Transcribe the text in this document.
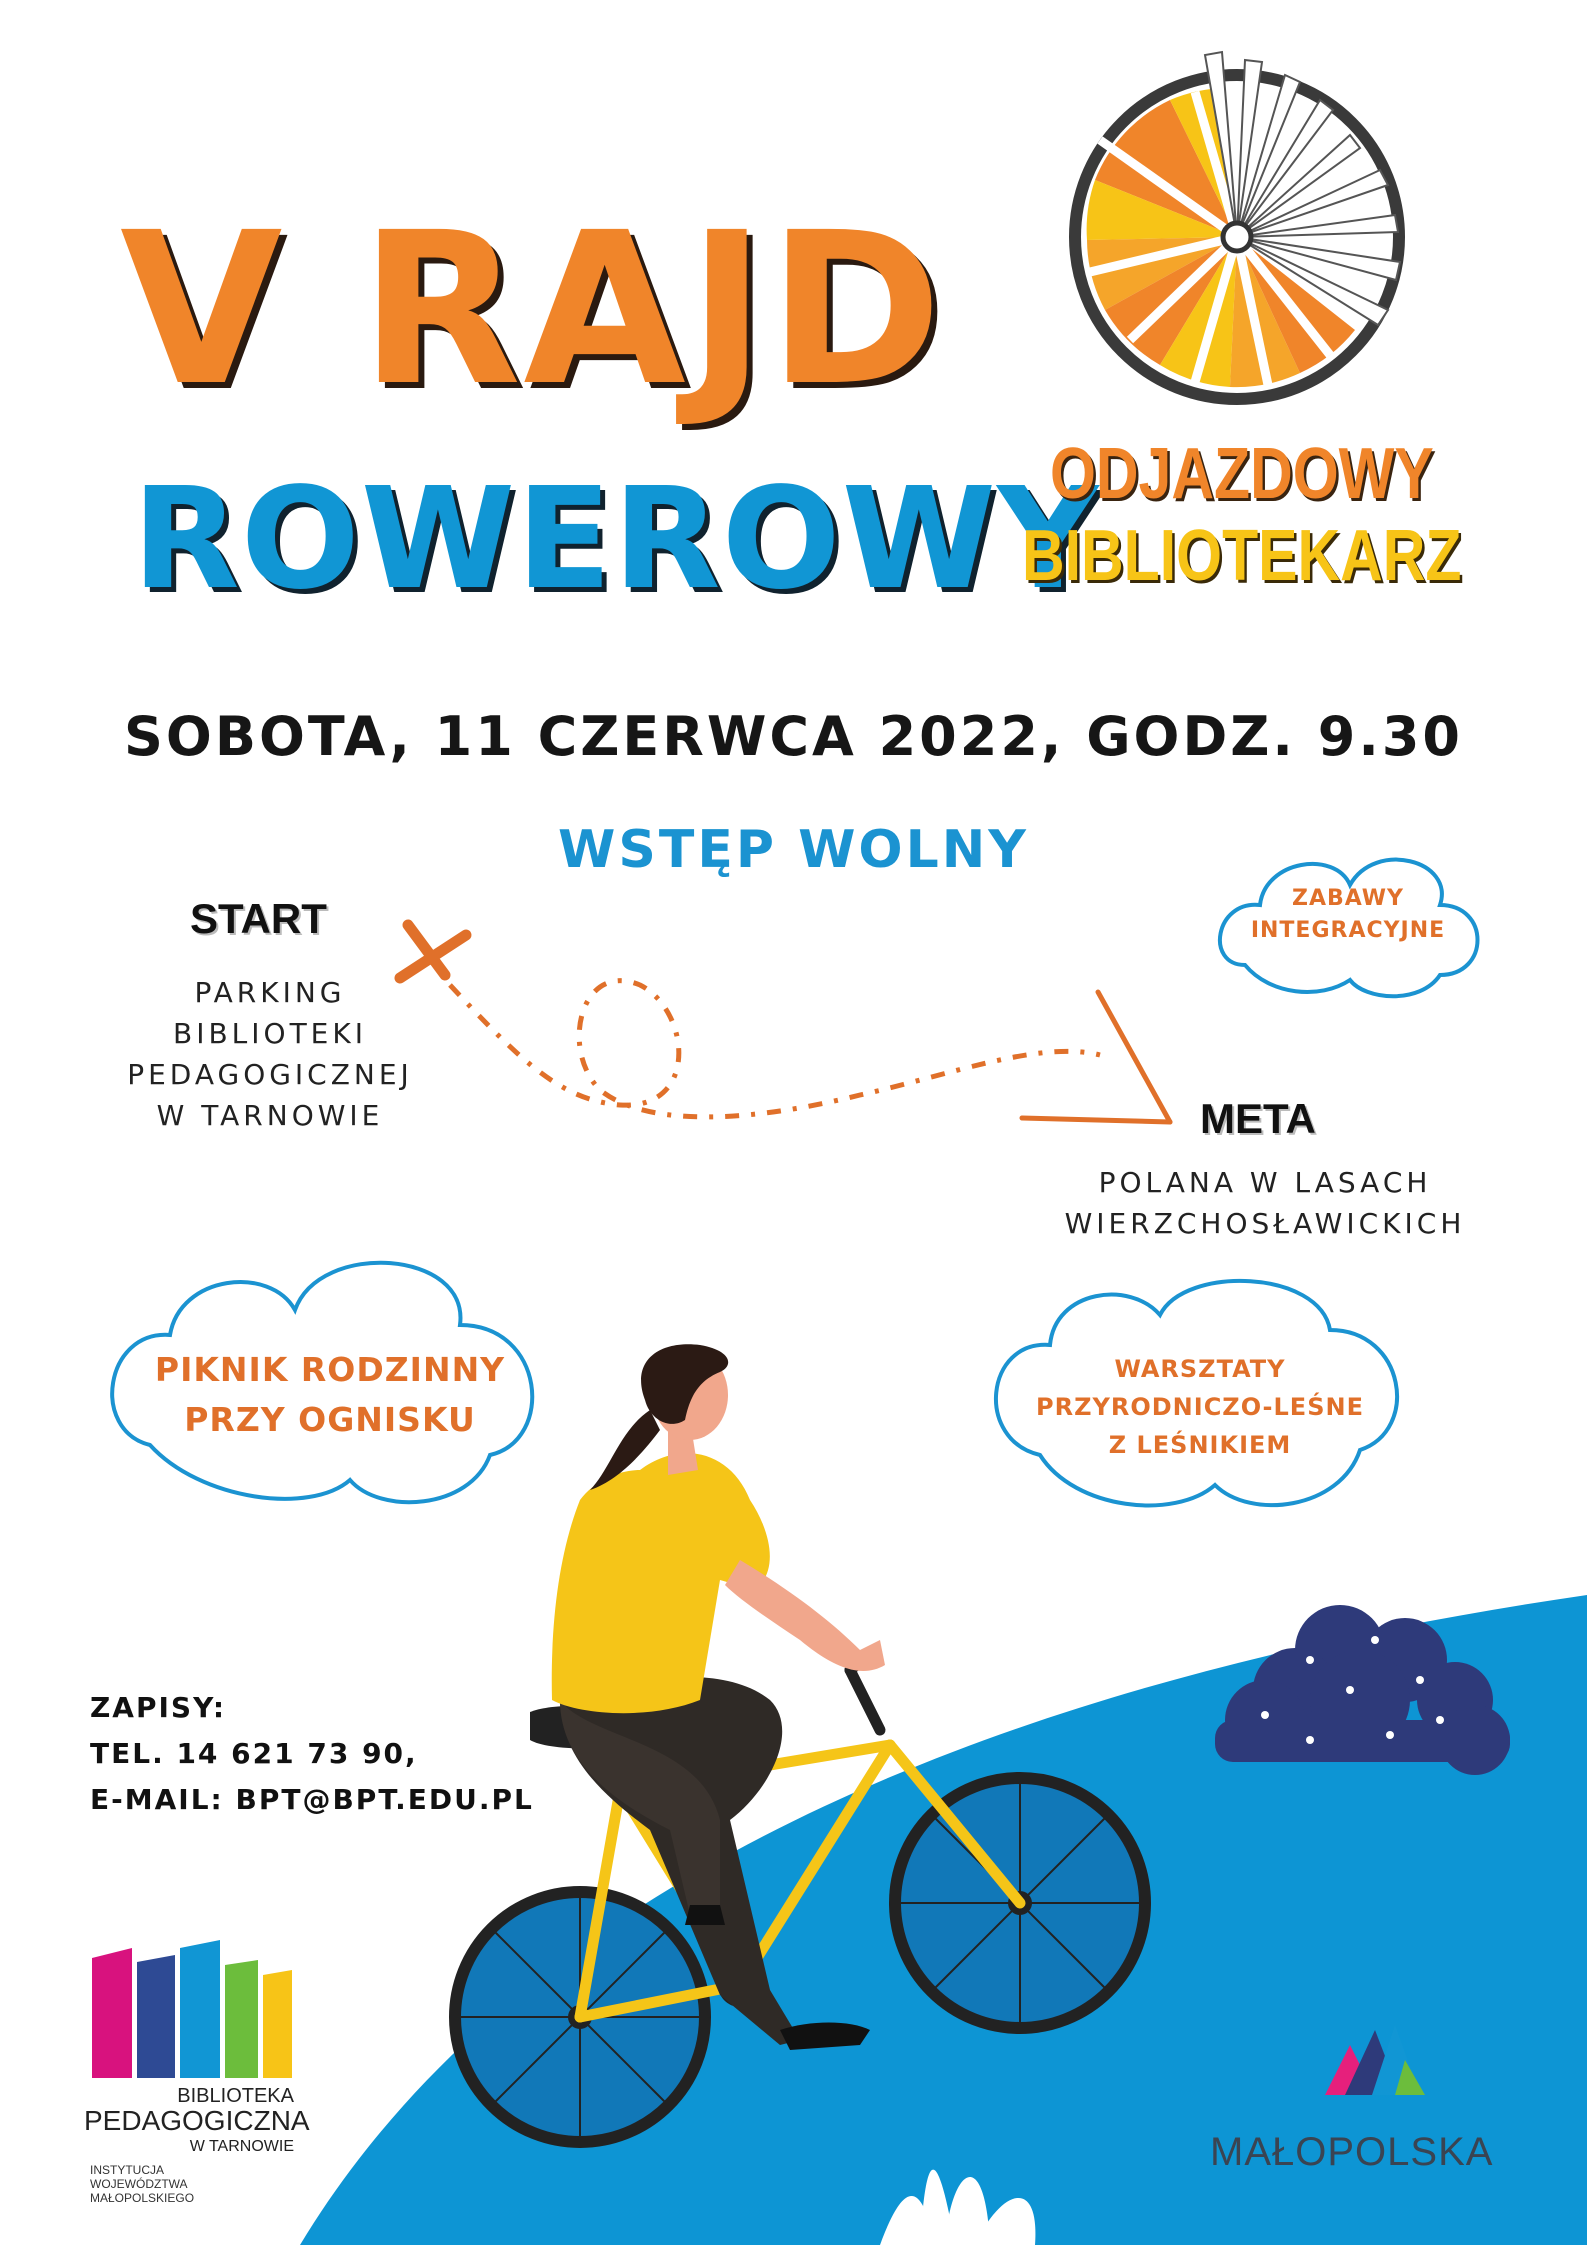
V RAJD
ROWEROWY
ODJAZDOWY
BIBLIOTEKARZ
SOBOTA, 11 CZERWCA 2022, GODZ. 9.30
WSTĘP WOLNY
START
PARKING
BIBLIOTEKI
PEDAGOGICZNEJ
W TARNOWIE	META
POLANA W LASACH
WIERZCHOSŁAWICKICH
ZABAWY
INTEGRACYJNE
PIKNIK RODZINNY
PRZY OGNISKU
WARSZTATY
PRZYRODNICZO-LEŚNE
Z LEŚNIKIEM
ZAPISY:
TEL. 14 621 73 90,
E-MAIL: BPT@BPT.EDU.PL
BIBLIOTEKA
PEDAGOGICZNA
W TARNOWIE
INSTYTUCJA
WOJEWÓDZTWA
MAŁOPOLSKIEGO
MAŁOPOLSKA
